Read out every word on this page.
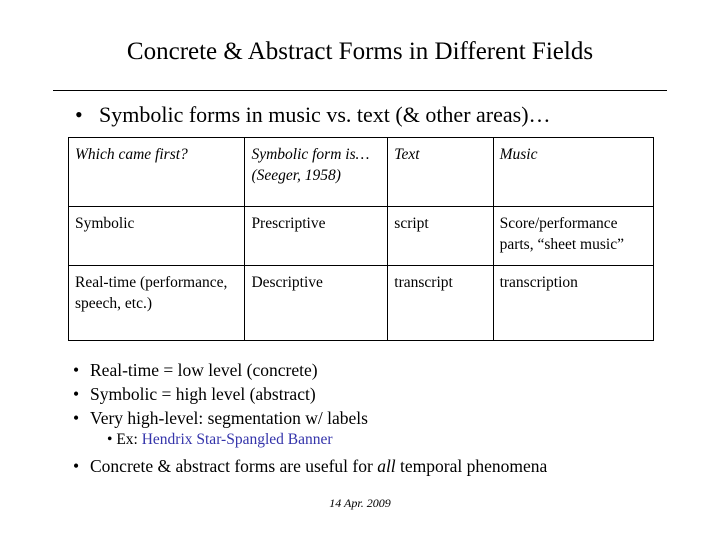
Concrete & Abstract Forms in Different Fields
• Symbolic forms in music vs. text (& other areas)…
Which came first?	Symbolic form is… (Seeger, 1958)	Text	Music
Symbolic	Prescriptive	script	Score/performance parts, “sheet music”
Real-time (performance, speech, etc.)	Descriptive	transcript	transcription
• Real-time = low level (concrete)
• Symbolic = high level (abstract)
• Very high-level: segmentation w/ labels
• Ex: Hendrix Star-Spangled Banner
• Concrete & abstract forms are useful for all temporal phenomena
14 Apr. 2009
